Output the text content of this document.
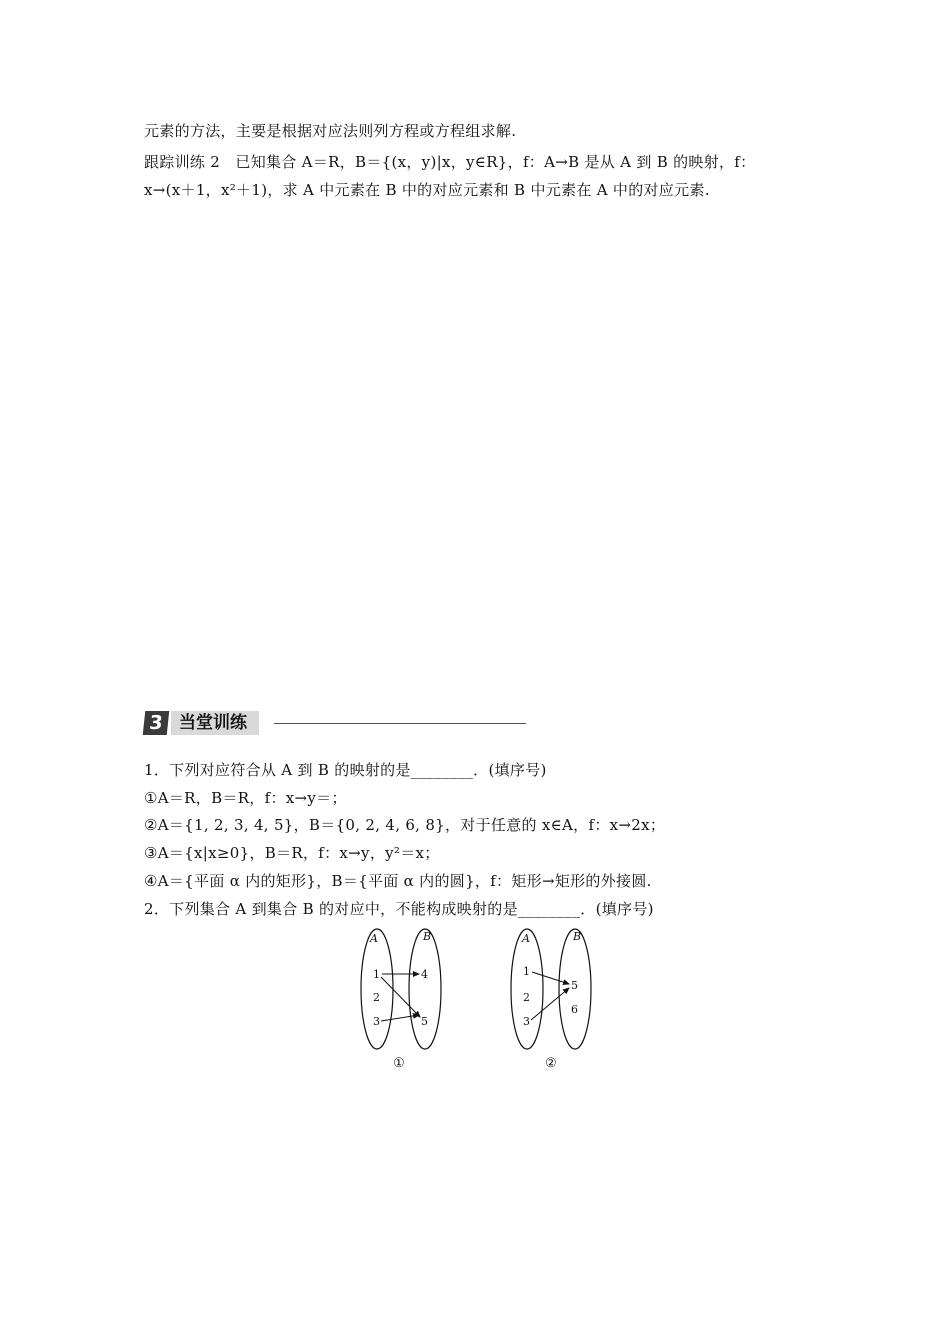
元素的方法，主要是根据对应法则列方程或方程组求解.
跟踪训练 2　已知集合 A＝R，B＝{(x，y)|x，y∈R}，f：A→B 是从 A 到 B 的映射，f：
x→(x＋1，x²＋1)，求 A 中元素在 B 中的对应元素和 B 中元素在 A 中的对应元素.
3 当堂训练
1．下列对应符合从 A 到 B 的映射的是________．(填序号)
①A＝R，B＝R，f：x→y＝；
②A＝{1, 2, 3, 4, 5}，B＝{0, 2, 4, 6, 8}，对于任意的 x∈A，f：x→2x；
③A＝{x|x≥0}，B＝R，f：x→y，y²＝x；
④A＝{平面 α 内的矩形}，B＝{平面 α 内的圆}，f：矩形→矩形的外接圆.
2．下列集合 A 到集合 B 的对应中，不能构成映射的是________．(填序号)
A	B
1
2
3
4
5
①
A	B
1
2
3
5
6
②
